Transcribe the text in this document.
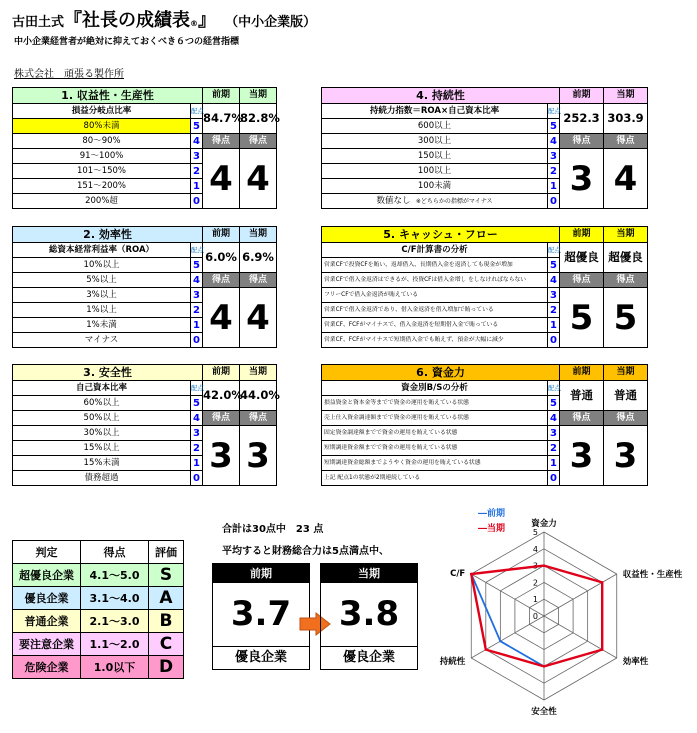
古田土式『社長の成績表®』 （中小企業版）
中小企業経営者が絶対に抑えておくべき６つの経営指標
株式会社　頑張る製作所
1. 収益性・生産性		前期	当期
損益分岐点比率	配点	84.7%	82.8%
80%未満	5		
80～90%	4	得点	得点
91～100%	3	4	4
101～150%	2		
151～200%	1		
200%超	0		
4. 持続性		前期	当期
持続力指数＝ROA×自己資本比率	配点	252.3	303.9
600以上	5		
300以上	4	得点	得点
150以上	3	3	4
100以上	2		
100未満	1		
数値なし ※どちらかの指標がマイナス	0		
2. 効率性		前期	当期
総資本経常利益率（ROA）	配点	6.0%	6.9%
10%以上	5		
5%以上	4	得点	得点
3%以上	3	4	4
1%以上	2		
1%未満	1		
マイナス	0		
5. キャッシュ・フロー		前期	当期
C/F計算書の分析	配点	超優良	超優良
営業CFで投資CFを賄い、返却借入、長期借入金を返済しても現金が増加	5		
営業CFで借入金返済はできるが、投資CFは借入金増し をしなければならない	4	得点	得点
フリーCFで借入金返済が賄えている	3	5	5
営業CFで借入金返済であり、借入金返済を借入増加で賄っている	2		
営業CF、FCFがマイナスで、借入金返済を短期借入金で賄っている	1		
営業CF、FCFがマイナスで短期借入金でも賄えず、預金が大幅に減少	0		
3. 安全性		前期	当期
自己資本比率	配点	42.0%	44.0%
60%以上	5		
50%以上	4	得点	得点
30%以上	3	3	3
15%以上	2		
15%未満	1		
債務超過	0		
6. 資金力		前期	当期
資金別B/Sの分析	配点	普通	普通
損益資金と資本金等までで資金の運用を賄えている状態	5		
売上仕入資金調達額までで資金の運用を賄えている状態	4	得点	得点
固定資金調達額までで資金の運用を賄えている状態	3	3	3
短期調達資金額までで資金の運用を賄えている状態	2		
短期調達資金総額までようやく資金の運用を賄えている状態	1		
上記 配点1の状態が2期連続している	0		
判定	得点	評価
超優良企業	4.1～5.0	S
優良企業	3.1～4.0	A
普通企業	2.1～3.0	B
要注意企業	1.1～2.0	C
危険企業	1.0以下	D
合計は30点中　23 点
平均すると財務総合力は5点満点中、
前期
3.7
優良企業
当期
3.8
優良企業
0
1
2
3
4
5
資金力
収益性・生産性
効率性
安全性
持続性
C/F
―前期
―当期
